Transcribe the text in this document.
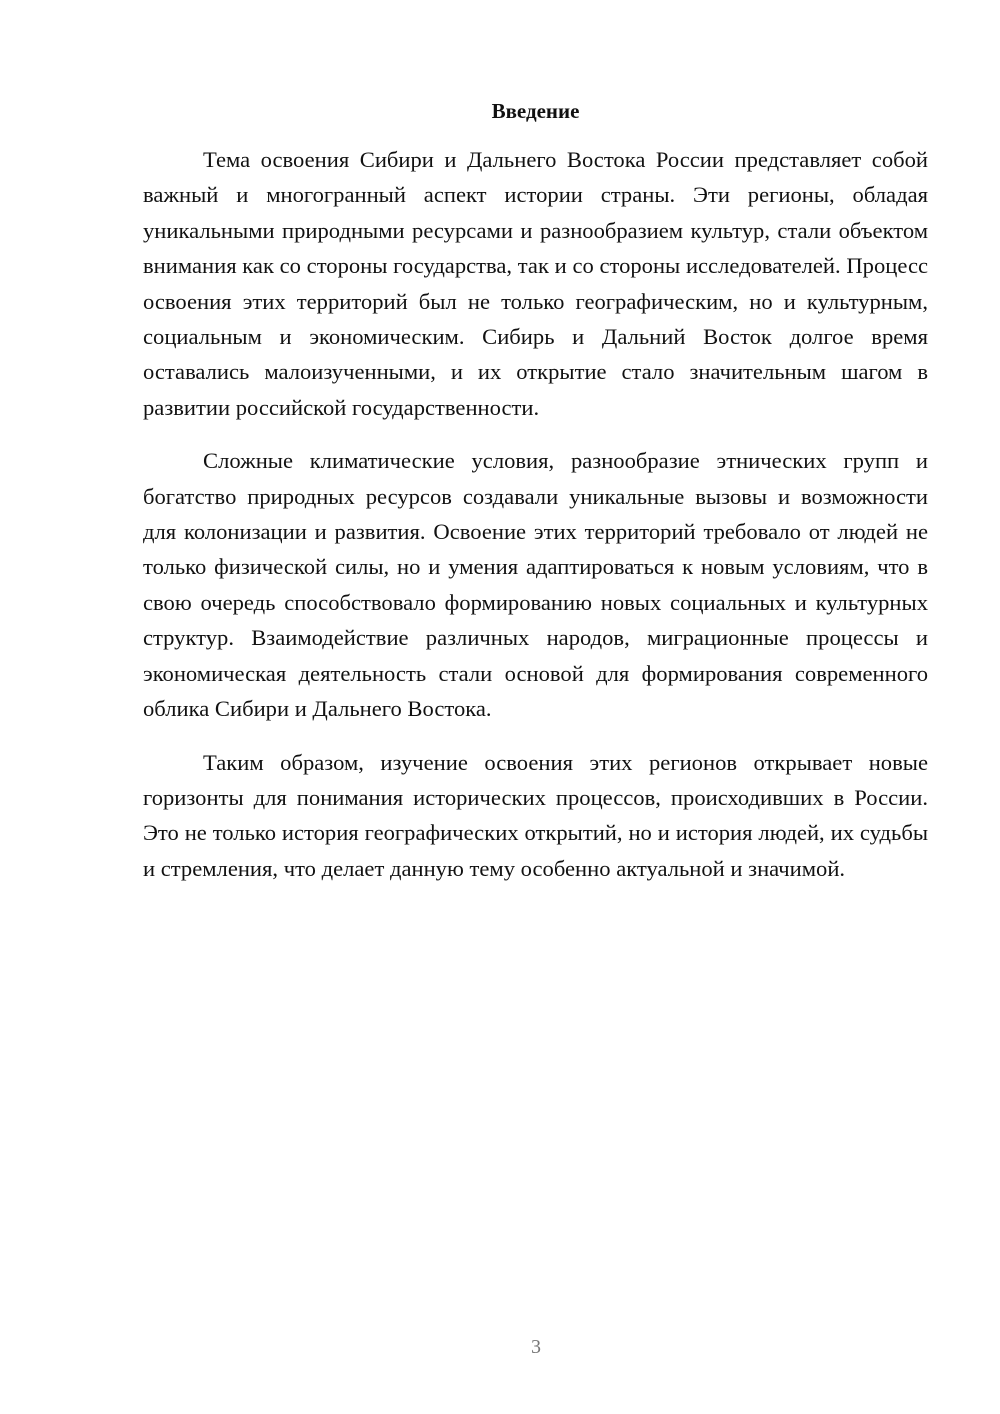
Введение

Тема освоения Сибири и Дальнего Востока России представляет собой важный и многогранный аспект истории страны. Эти регионы, обладая уникальными природными ресурсами и разнообразием культур, стали объектом внимания как со стороны государства, так и со стороны исследователей. Процесс освоения этих территорий был не только географическим, но и культурным, социальным и экономическим. Сибирь и Дальний Восток долгое время оставались малоизученными, и их открытие стало значительным шагом в развитии российской государственности.

Сложные климатические условия, разнообразие этнических групп и богатство природных ресурсов создавали уникальные вызовы и возможности для колонизации и развития. Освоение этих территорий требовало от людей не только физической силы, но и умения адаптироваться к новым условиям, что в свою очередь способствовало формированию новых социальных и культурных структур. Взаимодействие различных народов, миграционные процессы и экономическая деятельность стали основой для формирования современного облика Сибири и Дальнего Востока.

Таким образом, изучение освоения этих регионов открывает новые горизонты для понимания исторических процессов, происходивших в России. Это не только история географических открытий, но и история людей, их судьбы и стремления, что делает данную тему особенно актуальной и значимой.

3
